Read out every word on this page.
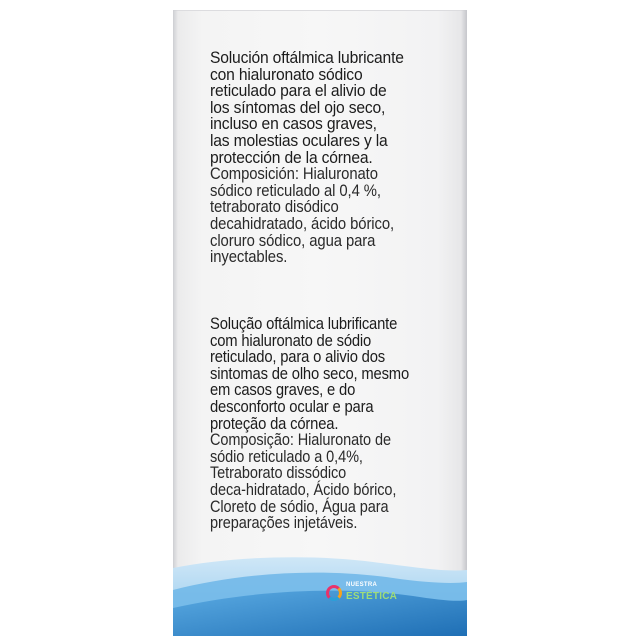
Solución oftálmica lubricante
con hialuronato sódico
reticulado para el alivio de
los síntomas del ojo seco,
incluso en casos graves,
las molestias oculares y la
protección de la córnea.

Composición: Hialuronato
sódico reticulado al 0,4 %,
tetraborato disódico
decahidratado, ácido bórico,
cloruro sódico, agua para
inyectables.

Solução oftálmica lubrificante
com hialuronato de sódio
reticulado, para o alivio dos
sintomas de olho seco, mesmo
em casos graves, e do
desconforto ocular e para
proteção da córnea.

Composição: Hialuronato de
sódio reticulado a 0,4%,
Tetraborato dissódico
deca-hidratado, Ácido bórico,
Cloreto de sódio, Água para
preparações injetáveis.

NUESTRA
ESTÉTICA
